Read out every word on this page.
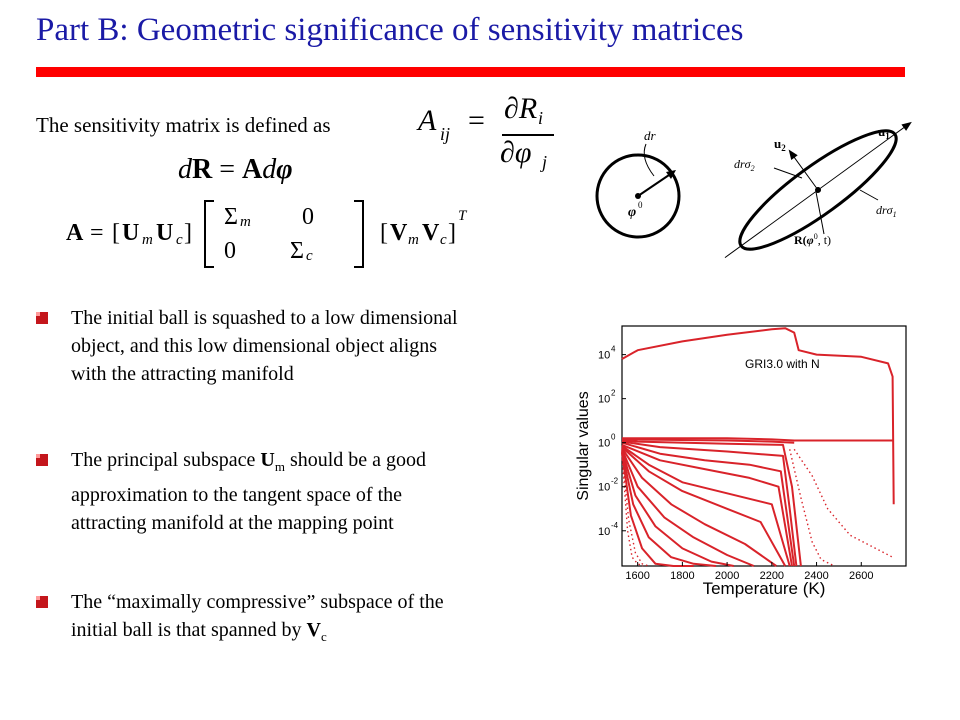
Part B: Geometric significance of sensitivity matrices
The sensitivity matrix is defined as	A ij = ∂R i
∂φ j
dR = Adφ
A = [ U m U c ]
Σ m 0
0 Σ c
[ V m V c ]
T
dr
φ 0
$u_1$
$u_2$
drσ$_2$
drσ$_1$
$R(\varphi^0$, t)
The initial ball is squashed to a low dimensional
object, and this low dimensional object aligns
with the attracting manifold
The principal subspace $U_m$ should be a good
approximation to the tangent space of the
attracting manifold at the mapping point
The “maximally compressive” subspace of the
initial ball is that spanned by $V_c$
1600 1800 2000 2200 2400 2600
10
4
10
2
10
0
10
-2
10
-4
Temperature (K)
Singular values
GRI3.0 with N
